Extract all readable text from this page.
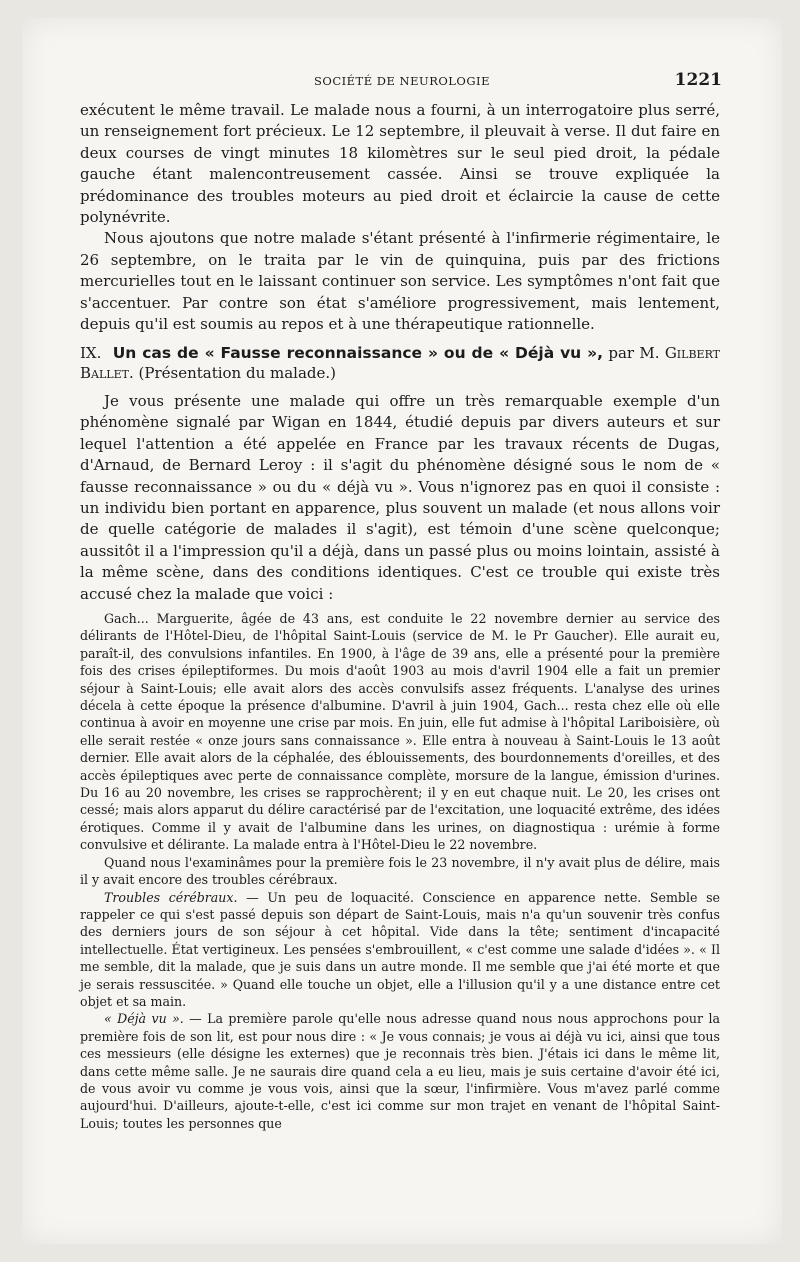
SOCIÉTÉ DE NEUROLOGIE	1221

exécutent le même travail. Le malade nous a fourni, à un interrogatoire plus serré, un renseignement fort précieux. Le 12 septembre, il pleuvait à verse. Il dut faire en deux courses de vingt minutes 18 kilomètres sur le seul pied droit, la pédale gauche étant malencontreusement cassée. Ainsi se trouve expliquée la prédominance des troubles moteurs au pied droit et éclaircie la cause de cette polynévrite.

Nous ajoutons que notre malade s'étant présenté à l'infirmerie régimentaire, le 26 septembre, on le traita par le vin de quinquina, puis par des frictions mercurielles tout en le laissant continuer son service. Les symptômes n'ont fait que s'accentuer. Par contre son état s'améliore progressivement, mais lentement, depuis qu'il est soumis au repos et à une thérapeutique rationnelle.

IX. Un cas de « Fausse reconnaissance » ou de « Déjà vu », par M. Gilbert Ballet. (Présentation du malade.)

Je vous présente une malade qui offre un très remarquable exemple d'un phénomène signalé par Wigan en 1844, étudié depuis par divers auteurs et sur lequel l'attention a été appelée en France par les travaux récents de Dugas, d'Arnaud, de Bernard Leroy : il s'agit du phénomène désigné sous le nom de « fausse reconnaissance » ou du « déjà vu ». Vous n'ignorez pas en quoi il consiste : un individu bien portant en apparence, plus souvent un malade (et nous allons voir de quelle catégorie de malades il s'agit), est témoin d'une scène quelconque; aussitôt il a l'impression qu'il a déjà, dans un passé plus ou moins lointain, assisté à la même scène, dans des conditions identiques. C'est ce trouble qui existe très accusé chez la malade que voici :

Gach... Marguerite, âgée de 43 ans, est conduite le 22 novembre dernier au service des délirants de l'Hôtel-Dieu, de l'hôpital Saint-Louis (service de M. le Pr Gaucher). Elle aurait eu, paraît-il, des convulsions infantiles. En 1900, à l'âge de 39 ans, elle a présenté pour la première fois des crises épileptiformes. Du mois d'août 1903 au mois d'avril 1904 elle a fait un premier séjour à Saint-Louis; elle avait alors des accès convulsifs assez fréquents. L'analyse des urines décela à cette époque la présence d'albumine. D'avril à juin 1904, Gach... resta chez elle où elle continua à avoir en moyenne une crise par mois. En juin, elle fut admise à l'hôpital Lariboisière, où elle serait restée « onze jours sans connaissance ». Elle entra à nouveau à Saint-Louis le 13 août dernier. Elle avait alors de la céphalée, des éblouissements, des bourdonnements d'oreilles, et des accès épileptiques avec perte de connaissance complète, morsure de la langue, émission d'urines. Du 16 au 20 novembre, les crises se rapprochèrent; il y en eut chaque nuit. Le 20, les crises ont cessé; mais alors apparut du délire caractérisé par de l'excitation, une loquacité extrême, des idées érotiques. Comme il y avait de l'albumine dans les urines, on diagnostiqua : urémie à forme convulsive et délirante. La malade entra à l'Hôtel-Dieu le 22 novembre.

Quand nous l'examinâmes pour la première fois le 23 novembre, il n'y avait plus de délire, mais il y avait encore des troubles cérébraux.

Troubles cérébraux. — Un peu de loquacité. Conscience en apparence nette. Semble se rappeler ce qui s'est passé depuis son départ de Saint-Louis, mais n'a qu'un souvenir très confus des derniers jours de son séjour à cet hôpital. Vide dans la tête; sentiment d'incapacité intellectuelle. État vertigineux. Les pensées s'embrouillent, « c'est comme une salade d'idées ». « Il me semble, dit la malade, que je suis dans un autre monde. Il me semble que j'ai été morte et que je serais ressuscitée. » Quand elle touche un objet, elle a l'illusion qu'il y a une distance entre cet objet et sa main.

« Déjà vu ». — La première parole qu'elle nous adresse quand nous nous approchons pour la première fois de son lit, est pour nous dire : « Je vous connais; je vous ai déjà vu ici, ainsi que tous ces messieurs (elle désigne les externes) que je reconnais très bien. J'étais ici dans le même lit, dans cette même salle. Je ne saurais dire quand cela a eu lieu, mais je suis certaine d'avoir été ici, de vous avoir vu comme je vous vois, ainsi que la sœur, l'infirmière. Vous m'avez parlé comme aujourd'hui. D'ailleurs, ajoute-t-elle, c'est ici comme sur mon trajet en venant de l'hôpital Saint-Louis; toutes les personnes que
